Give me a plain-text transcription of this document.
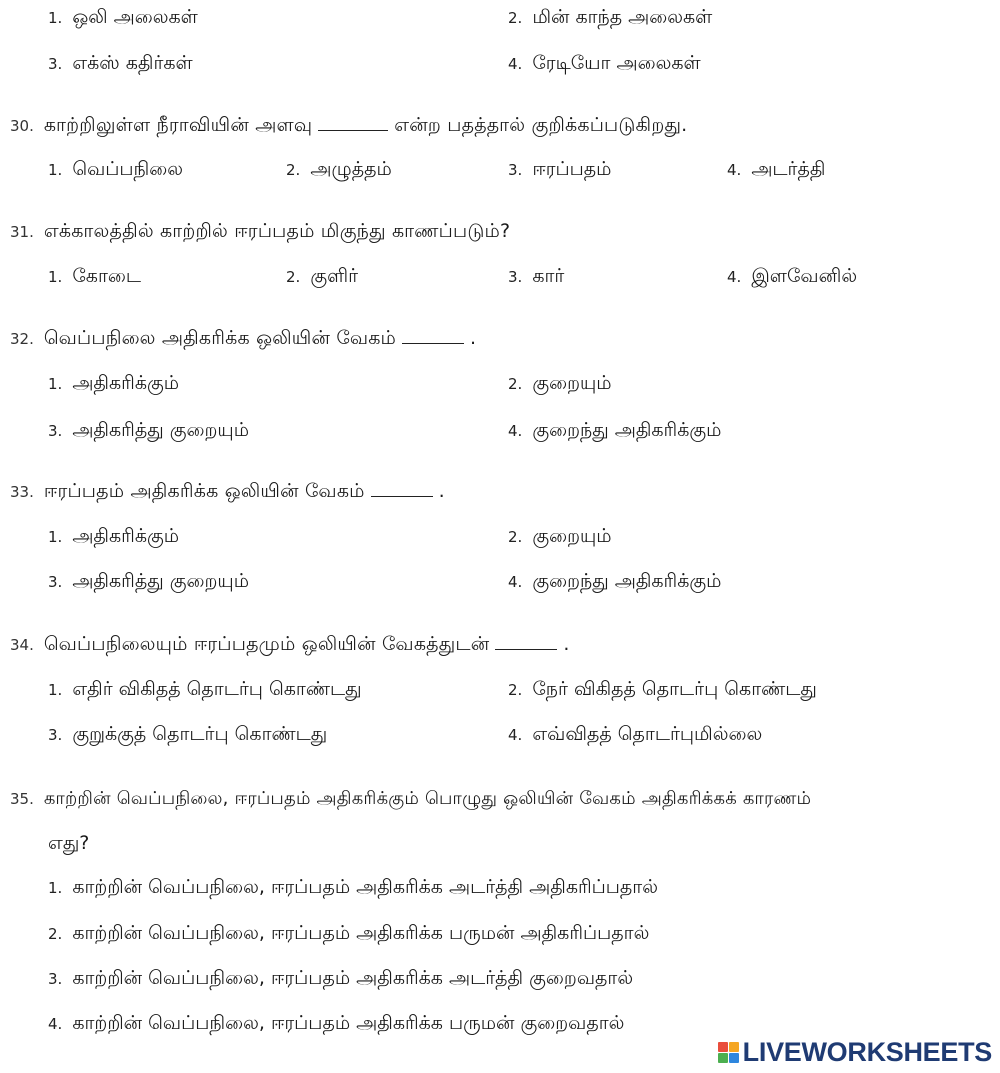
1. ஒலி அலைகள்	2. மின் காந்த அலைகள்
3. எக்ஸ் கதிர்கள்	4. ரேடியோ அலைகள்
30. காற்றிலுள்ள நீராவியின் அளவு	என்ற பதத்தால் குறிக்கப்படுகிறது.
1. வெப்பநிலை	2. அழுத்தம்	3. ஈரப்பதம்	4. அடர்த்தி
31. எக்காலத்தில் காற்றில் ஈரப்பதம் மிகுந்து காணப்படும்?
1. கோடை	2. குளிர்	3. கார்	4. இளவேனில்
32. வெப்பநிலை அதிகரிக்க ஒலியின் வேகம்	.
1. அதிகரிக்கும்	2. குறையும்
3. அதிகரித்து குறையும்	4. குறைந்து அதிகரிக்கும்
33. ஈரப்பதம் அதிகரிக்க ஒலியின் வேகம்	.
1. அதிகரிக்கும்	2. குறையும்
3. அதிகரித்து குறையும்	4. குறைந்து அதிகரிக்கும்
34. வெப்பநிலையும் ஈரப்பதமும் ஒலியின் வேகத்துடன்	.
1. எதிர் விகிதத் தொடர்பு கொண்டது	2. நேர் விகிதத் தொடர்பு கொண்டது
3. குறுக்குத் தொடர்பு கொண்டது	4. எவ்விதத் தொடர்புமில்லை
35. காற்றின் வெப்பநிலை, ஈரப்பதம் அதிகரிக்கும் பொழுது ஒலியின் வேகம் அதிகரிக்கக் காரணம்
எது?
1. காற்றின் வெப்பநிலை, ஈரப்பதம் அதிகரிக்க அடர்த்தி அதிகரிப்பதால்
2. காற்றின் வெப்பநிலை, ஈரப்பதம் அதிகரிக்க பருமன் அதிகரிப்பதால்
3. காற்றின் வெப்பநிலை, ஈரப்பதம் அதிகரிக்க அடர்த்தி குறைவதால்
4. காற்றின் வெப்பநிலை, ஈரப்பதம் அதிகரிக்க பருமன் குறைவதால்
LIVEWORKSHEETS
